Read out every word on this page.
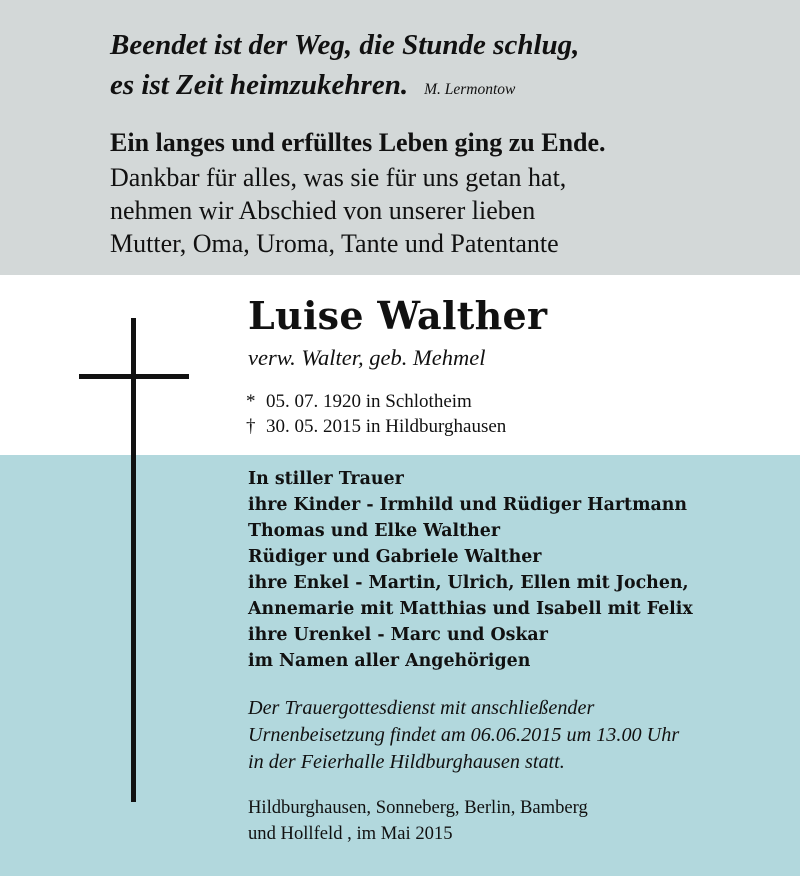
Beendet ist der Weg, die Stunde schlug,
es ist Zeit heimzukehren. M. Lermontow
Ein langes und erfülltes Leben ging zu Ende.
Dankbar für alles, was sie für uns getan hat,
nehmen wir Abschied von unserer lieben
Mutter, Oma, Uroma, Tante und Patentante
Luise Walther
verw. Walter, geb. Mehmel
* 05. 07. 1920 in Schlotheim
† 30. 05. 2015 in Hildburghausen
In stiller Trauer
ihre Kinder - Irmhild und Rüdiger Hartmann
Thomas und Elke Walther
Rüdiger und Gabriele Walther
ihre Enkel - Martin, Ulrich, Ellen mit Jochen,
Annemarie mit Matthias und Isabell mit Felix
ihre Urenkel - Marc und Oskar
im Namen aller Angehörigen
Der Trauergottesdienst mit anschließender
Urnenbeisetzung findet am 06.06.2015 um 13.00 Uhr
in der Feierhalle Hildburghausen statt.
Hildburghausen, Sonneberg, Berlin, Bamberg
und Hollfeld , im Mai 2015
